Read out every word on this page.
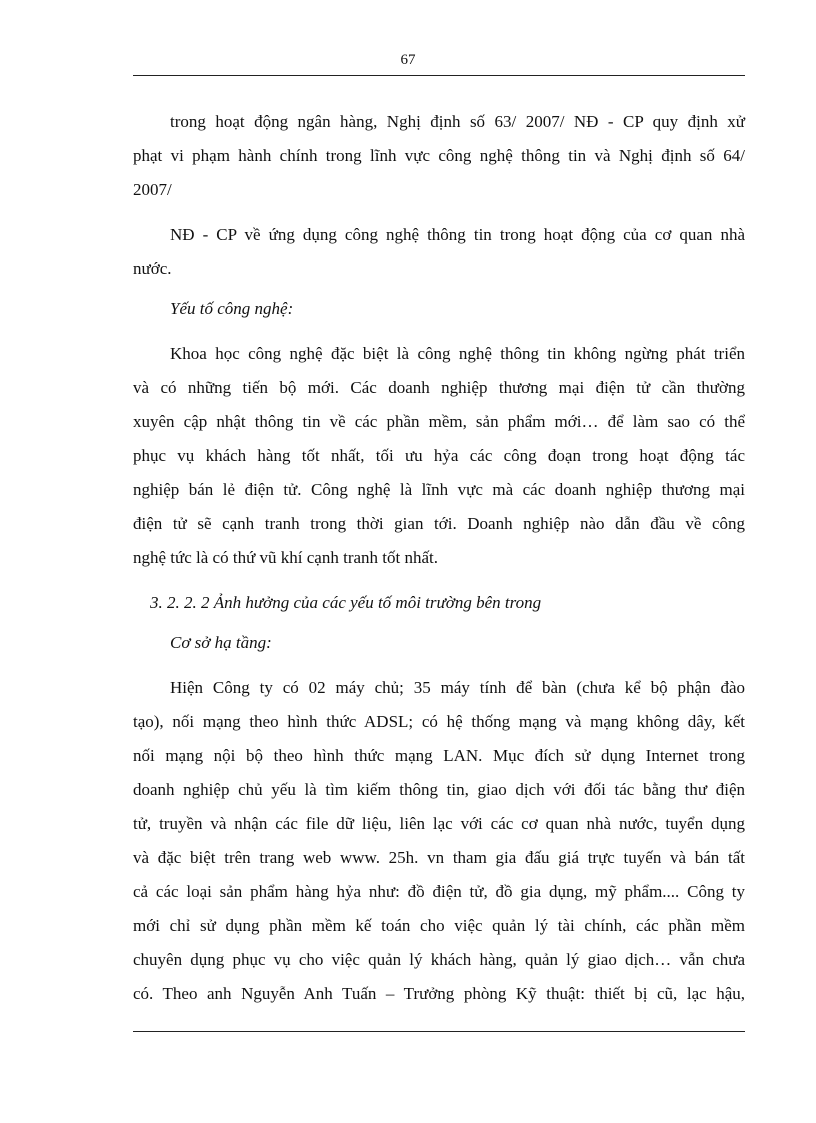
67
trong hoạt động ngân hàng, Nghị định số 63/ 2007/ NĐ - CP quy định xử
phạt vi phạm hành chính trong lĩnh vực công nghệ thông tin và Nghị định số 64/
2007/
NĐ - CP về ứng dụng công nghệ thông tin trong hoạt động của cơ quan nhà
nước.
Yếu tố công nghệ:
Khoa học công nghệ đặc biệt là công nghệ thông tin không ngừng phát triển
và có những tiến bộ mới. Các doanh nghiệp thương mại điện tử cần thường
xuyên cập nhật thông tin về các phần mềm, sản phẩm mới… để làm sao có thể
phục vụ khách hàng tốt nhất, tối ưu hỷa các công đoạn trong hoạt động tác
nghiệp bán lẻ điện tử. Công nghệ là lĩnh vực mà các doanh nghiệp thương mại
điện tử sẽ cạnh tranh trong thời gian tới. Doanh nghiệp nào dẫn đầu về công
nghệ tức là có thứ vũ khí cạnh tranh tốt nhất.
3. 2. 2. 2 Ảnh hưởng của các yếu tố môi trường bên trong
Cơ sở hạ tầng:
Hiện Công ty có 02 máy chủ; 35 máy tính để bàn (chưa kể bộ phận đào
tạo), nối mạng theo hình thức ADSL; có hệ thống mạng và mạng không dây, kết
nối mạng nội bộ theo hình thức mạng LAN. Mục đích sử dụng Internet trong
doanh nghiệp chủ yếu là tìm kiếm thông tin, giao dịch với đối tác bằng thư điện
tử, truyền và nhận các file dữ liệu, liên lạc với các cơ quan nhà nước, tuyển dụng
và đặc biệt trên trang web www. 25h. vn tham gia đấu giá trực tuyến và bán tất
cả các loại sản phẩm hàng hỷa như: đồ điện tử, đồ gia dụng, mỹ phẩm.... Công ty
mới chỉ sử dụng phần mềm kế toán cho việc quản lý tài chính, các phần mềm
chuyên dụng phục vụ cho việc quản lý khách hàng, quản lý giao dịch… vẫn chưa
có. Theo anh Nguyễn Anh Tuấn – Trưởng phòng Kỹ thuật: thiết bị cũ, lạc hậu,
